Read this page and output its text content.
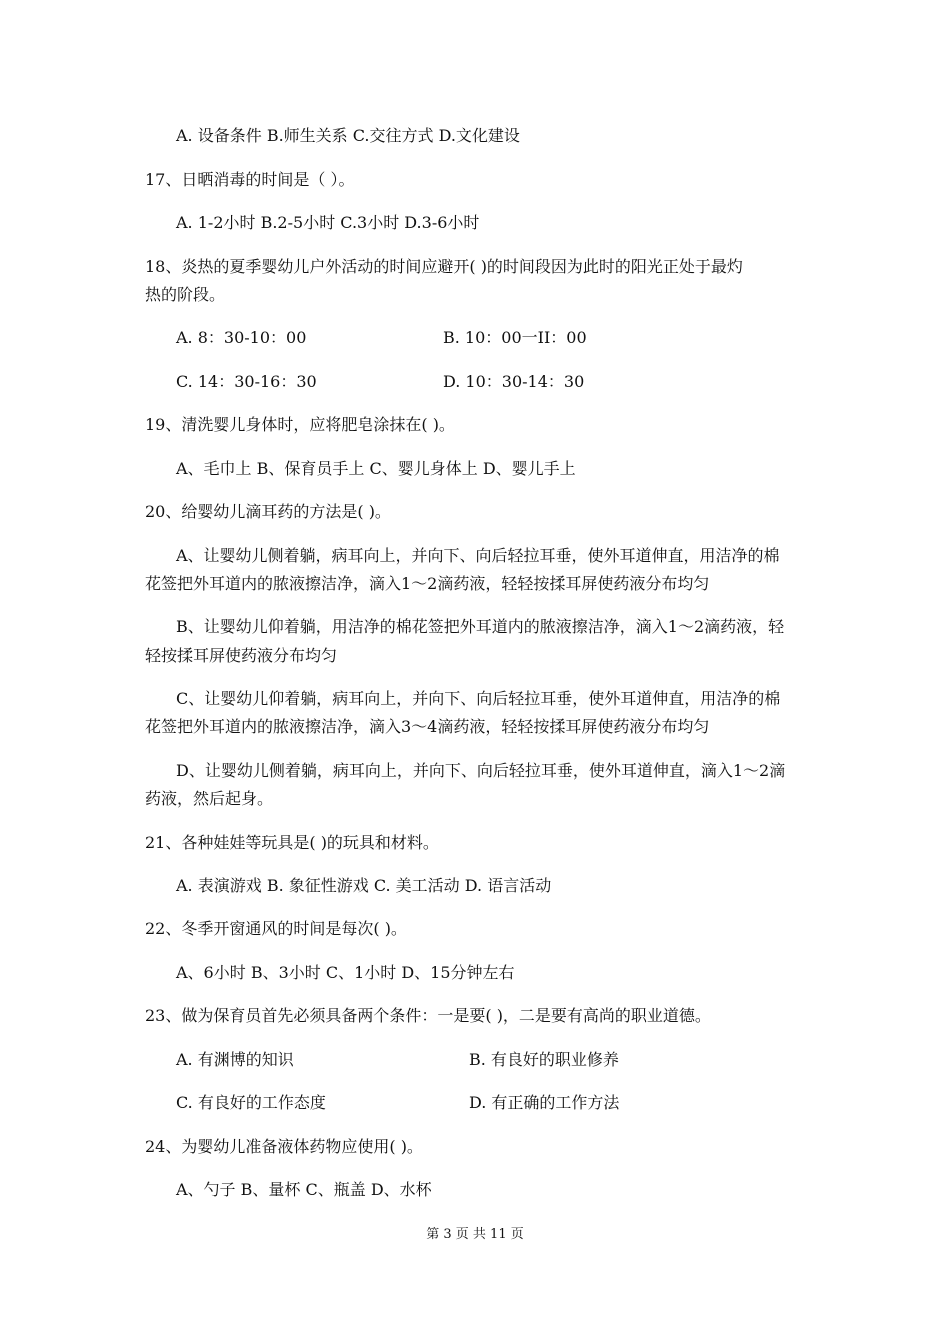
A. 设备条件 B.师生关系 C.交往方式 D.文化建设
17、日晒消毒的时间是（ ）。
A. 1-2小时 B.2-5小时 C.3小时 D.3-6小时
18、炎热的夏季婴幼儿户外活动的时间应避开( )的时间段因为此时的阳光正处于最灼
热的阶段。
A. 8：30-10：00	B. 10：00一II：00
C. 14：30-16：30	D. 10：30-14：30
19、清洗婴儿身体时，应将肥皂涂抹在( )。
A、毛巾上 B、保育员手上 C、婴儿身体上 D、婴儿手上
20、给婴幼儿滴耳药的方法是( )。
A、让婴幼儿侧着躺，病耳向上，并向下、向后轻拉耳垂，使外耳道伸直，用洁净的棉
花签把外耳道内的脓液擦洁净，滴入1～2滴药液，轻轻按揉耳屏使药液分布均匀
B、让婴幼儿仰着躺，用洁净的棉花签把外耳道内的脓液擦洁净，滴入1～2滴药液，轻
轻按揉耳屏使药液分布均匀
C、让婴幼儿仰着躺，病耳向上，并向下、向后轻拉耳垂，使外耳道伸直，用洁净的棉
花签把外耳道内的脓液擦洁净，滴入3～4滴药液，轻轻按揉耳屏使药液分布均匀
D、让婴幼儿侧着躺，病耳向上，并向下、向后轻拉耳垂，使外耳道伸直，滴入1～2滴
药液，然后起身。
21、各种娃娃等玩具是( )的玩具和材料。
A. 表演游戏 B. 象征性游戏 C. 美工活动 D. 语言活动
22、冬季开窗通风的时间是每次( )。
A、6小时 B、3小时 C、1小时 D、15分钟左右
23、做为保育员首先必须具备两个条件：一是要( )，二是要有高尚的职业道德。
A. 有渊博的知识	B. 有良好的职业修养
C. 有良好的工作态度	D. 有正确的工作方法
24、为婴幼儿准备液体药物应使用( )。
A、勺子 B、量杯 C、瓶盖 D、水杯
第 3 页 共 11 页
